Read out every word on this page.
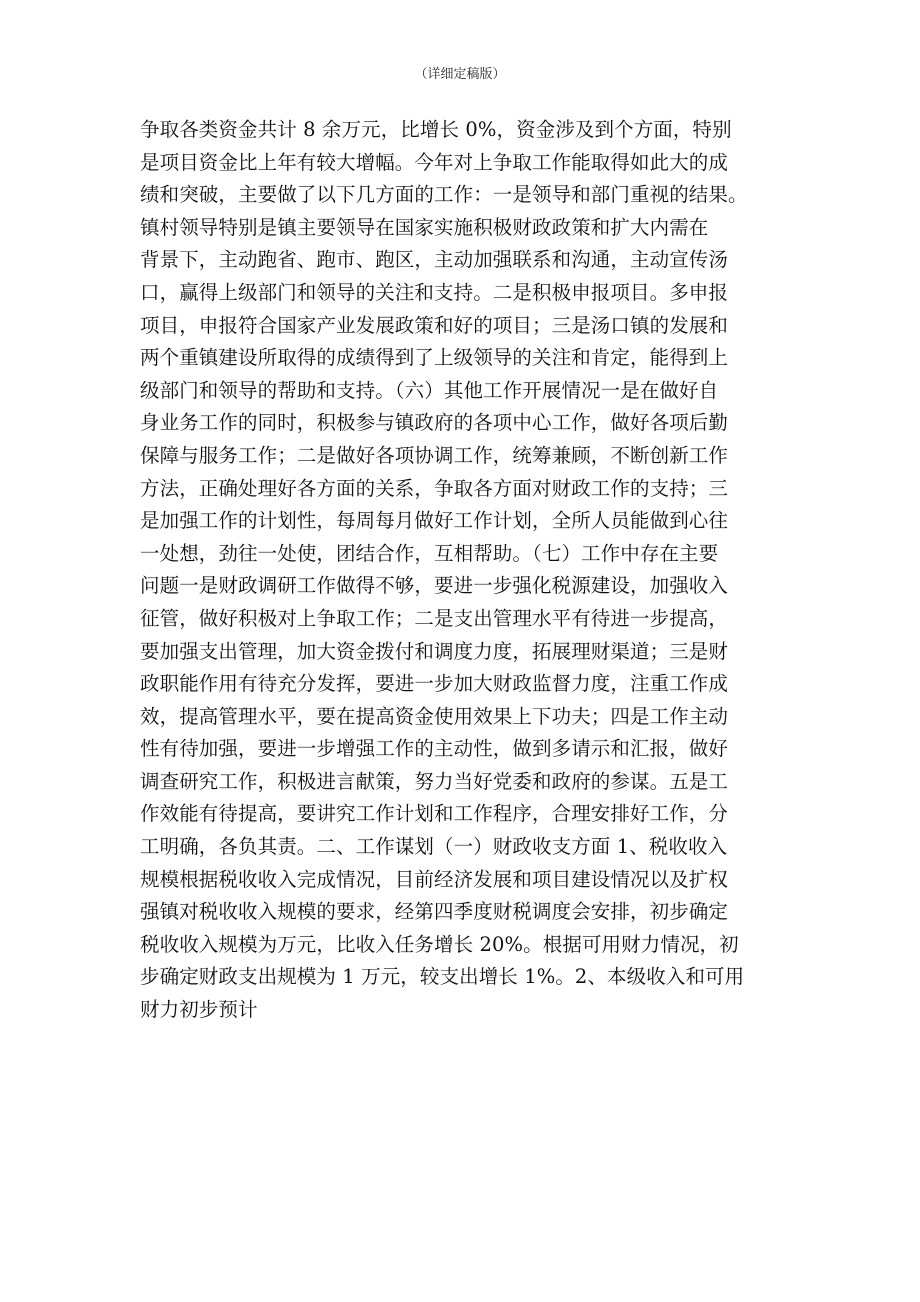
（详细定稿版）
争取各类资金共计 8 余万元，比增长 0%，资金涉及到个方面，特别
是项目资金比上年有较大增幅。今年对上争取工作能取得如此大的成
绩和突破，主要做了以下几方面的工作：一是领导和部门重视的结果。
镇村领导特别是镇主要领导在国家实施积极财政政策和扩大内需在
背景下，主动跑省、跑市、跑区，主动加强联系和沟通，主动宣传汤
口，赢得上级部门和领导的关注和支持。二是积极申报项目。多申报
项目，申报符合国家产业发展政策和好的项目；三是汤口镇的发展和
两个重镇建设所取得的成绩得到了上级领导的关注和肯定，能得到上
级部门和领导的帮助和支持。（六）其他工作开展情况一是在做好自
身业务工作的同时，积极参与镇政府的各项中心工作，做好各项后勤
保障与服务工作；二是做好各项协调工作，统筹兼顾，不断创新工作
方法，正确处理好各方面的关系，争取各方面对财政工作的支持；三
是加强工作的计划性，每周每月做好工作计划，全所人员能做到心往
一处想，劲往一处使，团结合作，互相帮助。（七）工作中存在主要
问题一是财政调研工作做得不够，要进一步强化税源建设，加强收入
征管，做好积极对上争取工作；二是支出管理水平有待进一步提高，
要加强支出管理，加大资金拨付和调度力度，拓展理财渠道；三是财
政职能作用有待充分发挥，要进一步加大财政监督力度，注重工作成
效，提高管理水平，要在提高资金使用效果上下功夫；四是工作主动
性有待加强，要进一步增强工作的主动性，做到多请示和汇报，做好
调查研究工作，积极进言献策，努力当好党委和政府的参谋。五是工
作效能有待提高，要讲究工作计划和工作程序，合理安排好工作，分
工明确，各负其责。二、工作谋划（一）财政收支方面 1、税收收入
规模根据税收收入完成情况，目前经济发展和项目建设情况以及扩权
强镇对税收收入规模的要求，经第四季度财税调度会安排，初步确定
税收收入规模为万元，比收入任务增长 20%。根据可用财力情况，初
步确定财政支出规模为 1 万元，较支出增长 1%。2、本级收入和可用
财力初步预计
